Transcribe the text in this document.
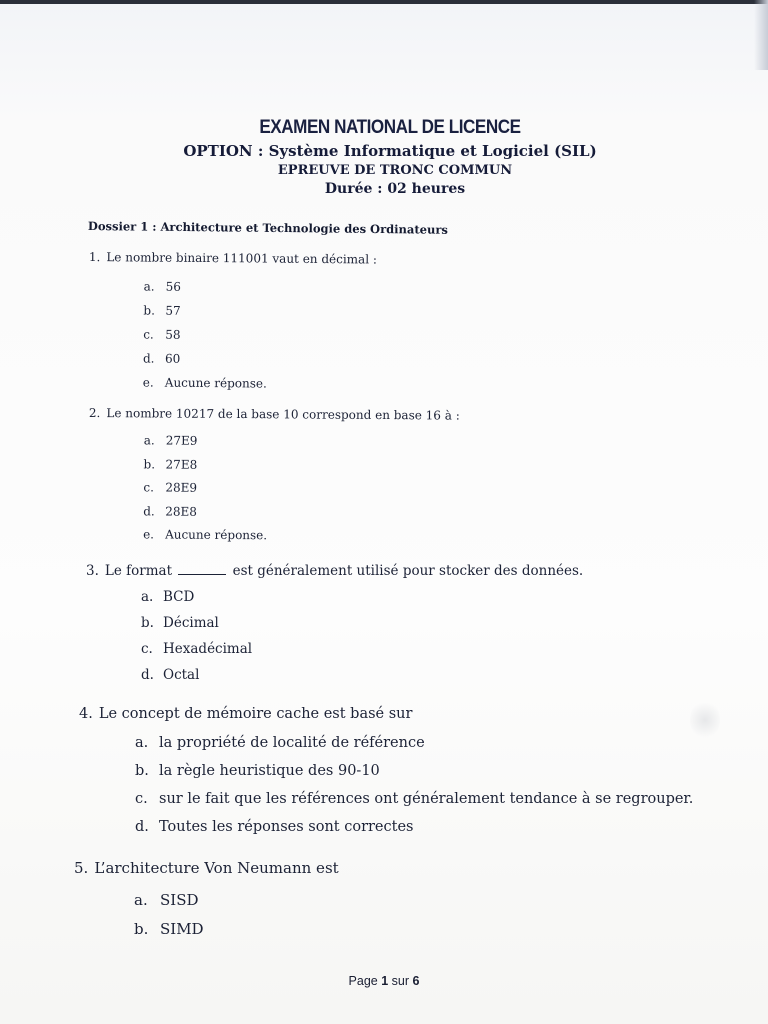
EXAMEN NATIONAL DE LICENCE
OPTION : Système Informatique et Logiciel (SIL)
EPREUVE DE TRONC COMMUN
Durée : 02 heures
Dossier 1 : Architecture et Technologie des Ordinateurs
1. Le nombre binaire 111001 vaut en décimal :
a. 56
b. 57
c. 58
d. 60
e. Aucune réponse.
2. Le nombre 10217 de la base 10 correspond en base 16 à :
a. 27E9
b. 27E8
c. 28E9
d. 28E8
e. Aucune réponse.
3. Le format	est généralement utilisé pour stocker des données.
a. BCD
b. Décimal
c. Hexadécimal
d. Octal
4. Le concept de mémoire cache est basé sur
a. la propriété de localité de référence
b. la règle heuristique des 90-10
c. sur le fait que les références ont généralement tendance à se regrouper.
d. Toutes les réponses sont correctes
5. L’architecture Von Neumann est
a. SISD
b. SIMD
Page 1 sur 6
